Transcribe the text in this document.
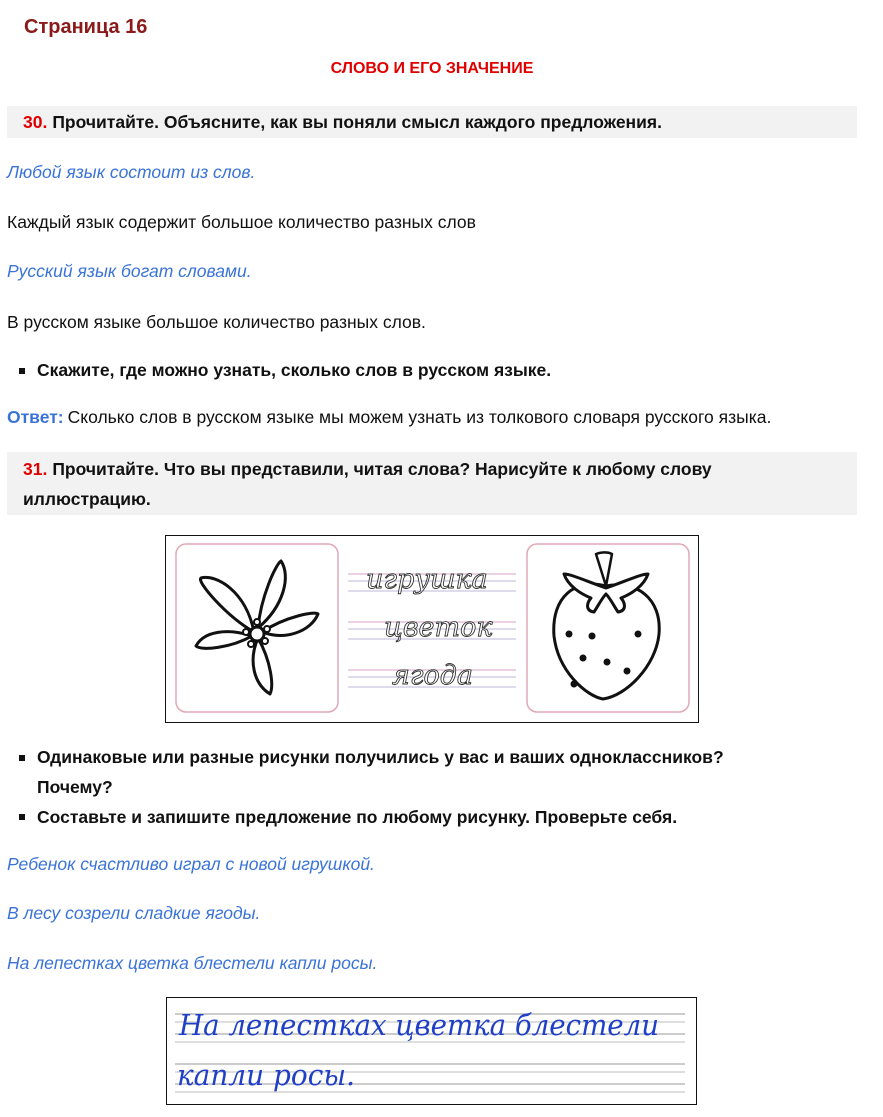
Страница 16
СЛОВО И ЕГО ЗНАЧЕНИЕ
30. Прочитайте. Объясните, как вы поняли смысл каждого предложения.
Любой язык состоит из слов.
Каждый язык содержит большое количество разных слов
Русский язык богат словами.
В русском языке большое количество разных слов.
Скажите, где можно узнать, сколько слов в русском языке.
Ответ: Сколько слов в русском языке мы можем узнать из толкового словаря русского языка.
31. Прочитайте. Что вы представили, читая слова? Нарисуйте к любому слову
иллюстрацию.
игрушка
цветок
ягода
Одинаковые или разные рисунки получились у вас и ваших одноклассников?
Почему?
Составьте и запишите предложение по любому рисунку. Проверьте себя.
Ребенок счастливо играл с новой игрушкой.
В лесу созрели сладкие ягоды.
На лепестках цветка блестели капли росы.
На лепестках цветка блестели
капли росы.
